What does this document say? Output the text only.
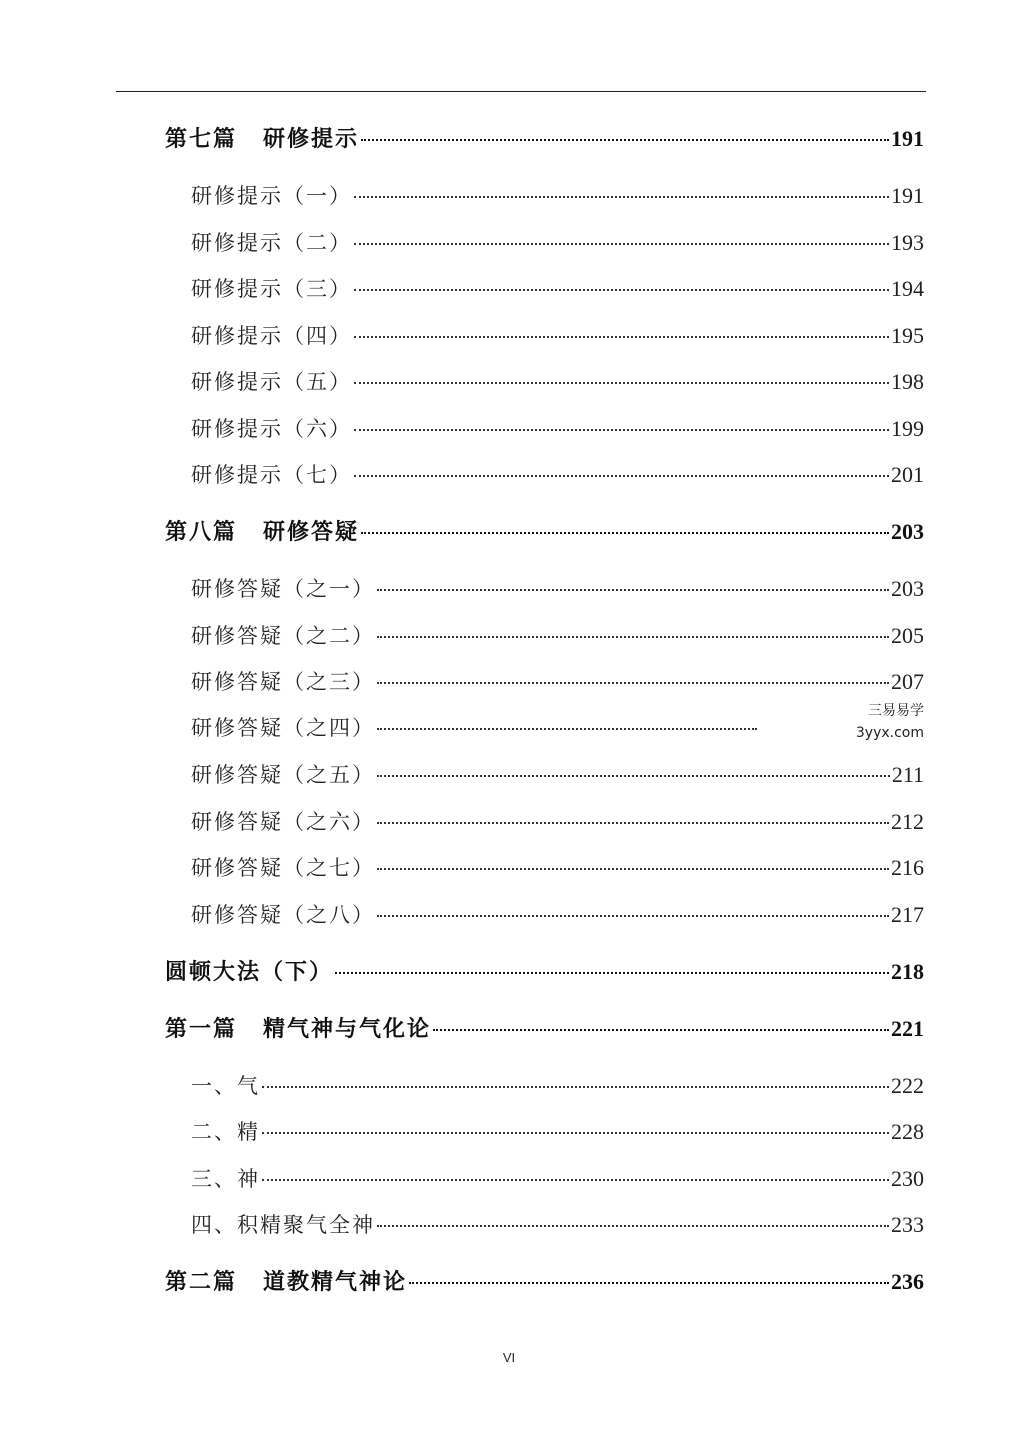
第七篇 研修提示	191
研修提示（一）	191
研修提示（二）	193
研修提示（三）	194
研修提示（四）	195
研修提示（五）	198
研修提示（六）	199
研修提示（七）	201
第八篇 研修答疑	203
研修答疑（之一）	203
研修答疑（之二）	205
研修答疑（之三）	207
研修答疑（之四）
研修答疑（之五）	211
研修答疑（之六）	212
研修答疑（之七）	216
研修答疑（之八）	217
圆顿大法（下）	218
第一篇 精气神与气化论	221
一、气	222
二、精	228
三、神	230
四、积精聚气全神	233
第二篇 道教精气神论	236
三易易学
3yyx.com
VI
